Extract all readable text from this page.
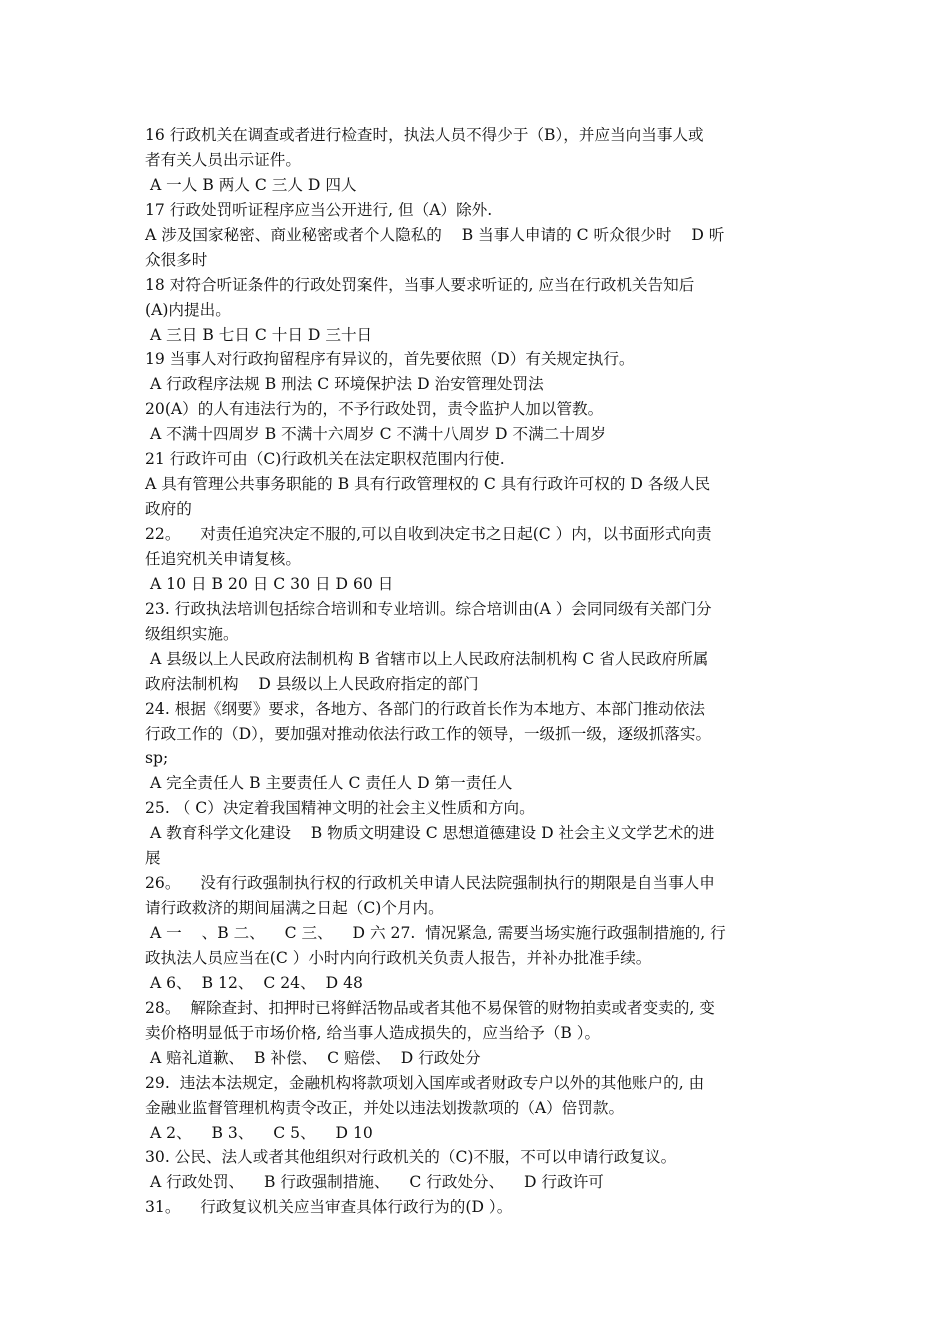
16 行政机关在调查或者进行检查时，执法人员不得少于（B），并应当向当事人或
者有关人员出示证件。
A 一人 B 两人 C 三人 D 四人
17 行政处罚听证程序应当公开进行, 但（A）除外.
A 涉及国家秘密、商业秘密或者个人隐私的    B 当事人申请的 C 听众很少时    D 听
众很多时
18 对符合听证条件的行政处罚案件，当事人要求听证的, 应当在行政机关告知后
(A)内提出。
A 三日 B 七日 C 十日 D 三十日
19 当事人对行政拘留程序有异议的，首先要依照（D）有关规定执行。
A 行政程序法规 B 刑法 C 环境保护法 D 治安管理处罚法
20(A）的人有违法行为的，不予行政处罚，责令监护人加以管教。
A 不满十四周岁 B 不满十六周岁 C 不满十八周岁 D 不满二十周岁
21 行政许可由（C)行政机关在法定职权范围内行使.
A 具有管理公共事务职能的 B 具有行政管理权的 C 具有行政许可权的 D 各级人民
政府的
22。    对责任追究决定不服的,可以自收到决定书之日起(C ）内，以书面形式向责
任追究机关申请复核。
A 10 日 B 20 日 C 30 日 D 60 日
23. 行政执法培训包括综合培训和专业培训。综合培训由(A ）会同同级有关部门分
级组织实施。
A 县级以上人民政府法制机构 B 省辖市以上人民政府法制机构 C 省人民政府所属
政府法制机构    D 县级以上人民政府指定的部门
24. 根据《纲要》要求，各地方、各部门的行政首长作为本地方、本部门推动依法
行政工作的（D），要加强对推动依法行政工作的领导，一级抓一级，逐级抓落实。
sp;
A 完全责任人 B 主要责任人 C 责任人 D 第一责任人
25. （ C）决定着我国精神文明的社会主义性质和方向。
A 教育科学文化建设    B 物质文明建设 C 思想道德建设 D 社会主义文学艺术的进
展
26。    没有行政强制执行权的行政机关申请人民法院强制执行的期限是自当事人申
请行政救济的期间届满之日起（C)个月内。
A 一    、B 二、    C 三、    D 六 27.  情况紧急, 需要当场实施行政强制措施的, 行
政执法人员应当在(C ）小时内向行政机关负责人报告，并补办批准手续。
A 6、  B 12、  C 24、  D 48
28。  解除查封、扣押时已将鲜活物品或者其他不易保管的财物拍卖或者变卖的, 变
卖价格明显低于市场价格, 给当事人造成损失的，应当给予（B ）。
A 赔礼道歉、  B 补偿、  C 赔偿、  D 行政处分
29.  违法本法规定，金融机构将款项划入国库或者财政专户以外的其他账户的, 由
金融业监督管理机构责令改正，并处以违法划拨款项的（A）倍罚款。
A 2、    B 3、    C 5、    D 10
30. 公民、法人或者其他组织对行政机关的（C)不服，不可以申请行政复议。
A 行政处罚、    B 行政强制措施、    C 行政处分、    D 行政许可
31。    行政复议机关应当审查具体行政行为的(D ）。
